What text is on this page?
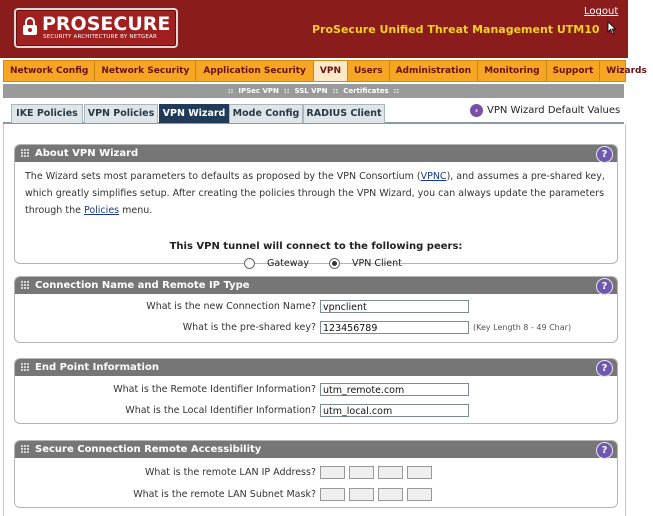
PROSECURE
SECURITY ARCHITECTURE BY NETGEAR
ProSecure Unified Threat Management UTM10
Logout
Network Config	Network Security	Application Security	VPN	Users	Administration	Monitoring	Support	Wizards
:: IPSec VPN :: SSL VPN :: Certificates ::
IKE Policies	VPN Policies VPN Wizard Mode Config RADIUS Client	› VPN Wizard Default Values
About VPN Wizard	?
The Wizard sets most parameters to defaults as proposed by the VPN Consortium (VPNC), and assumes a pre-shared key, which greatly simplifies setup. After creating the policies through the VPN Wizard, you can always update the parameters through the Policies menu.
This VPN tunnel will connect to the following peers:
Gateway	VPN Client
Connection Name and Remote IP Type	?
What is the new Connection Name? vpnclient
What is the pre-shared key? 123456789	(Key Length 8 - 49 Char)
End Point Information	?
What is the Remote Identifier Information? utm_remote.com
What is the Local Identifier Information? utm_local.com
Secure Connection Remote Accessibility	?
What is the remote LAN IP Address?
What is the remote LAN Subnet Mask?
